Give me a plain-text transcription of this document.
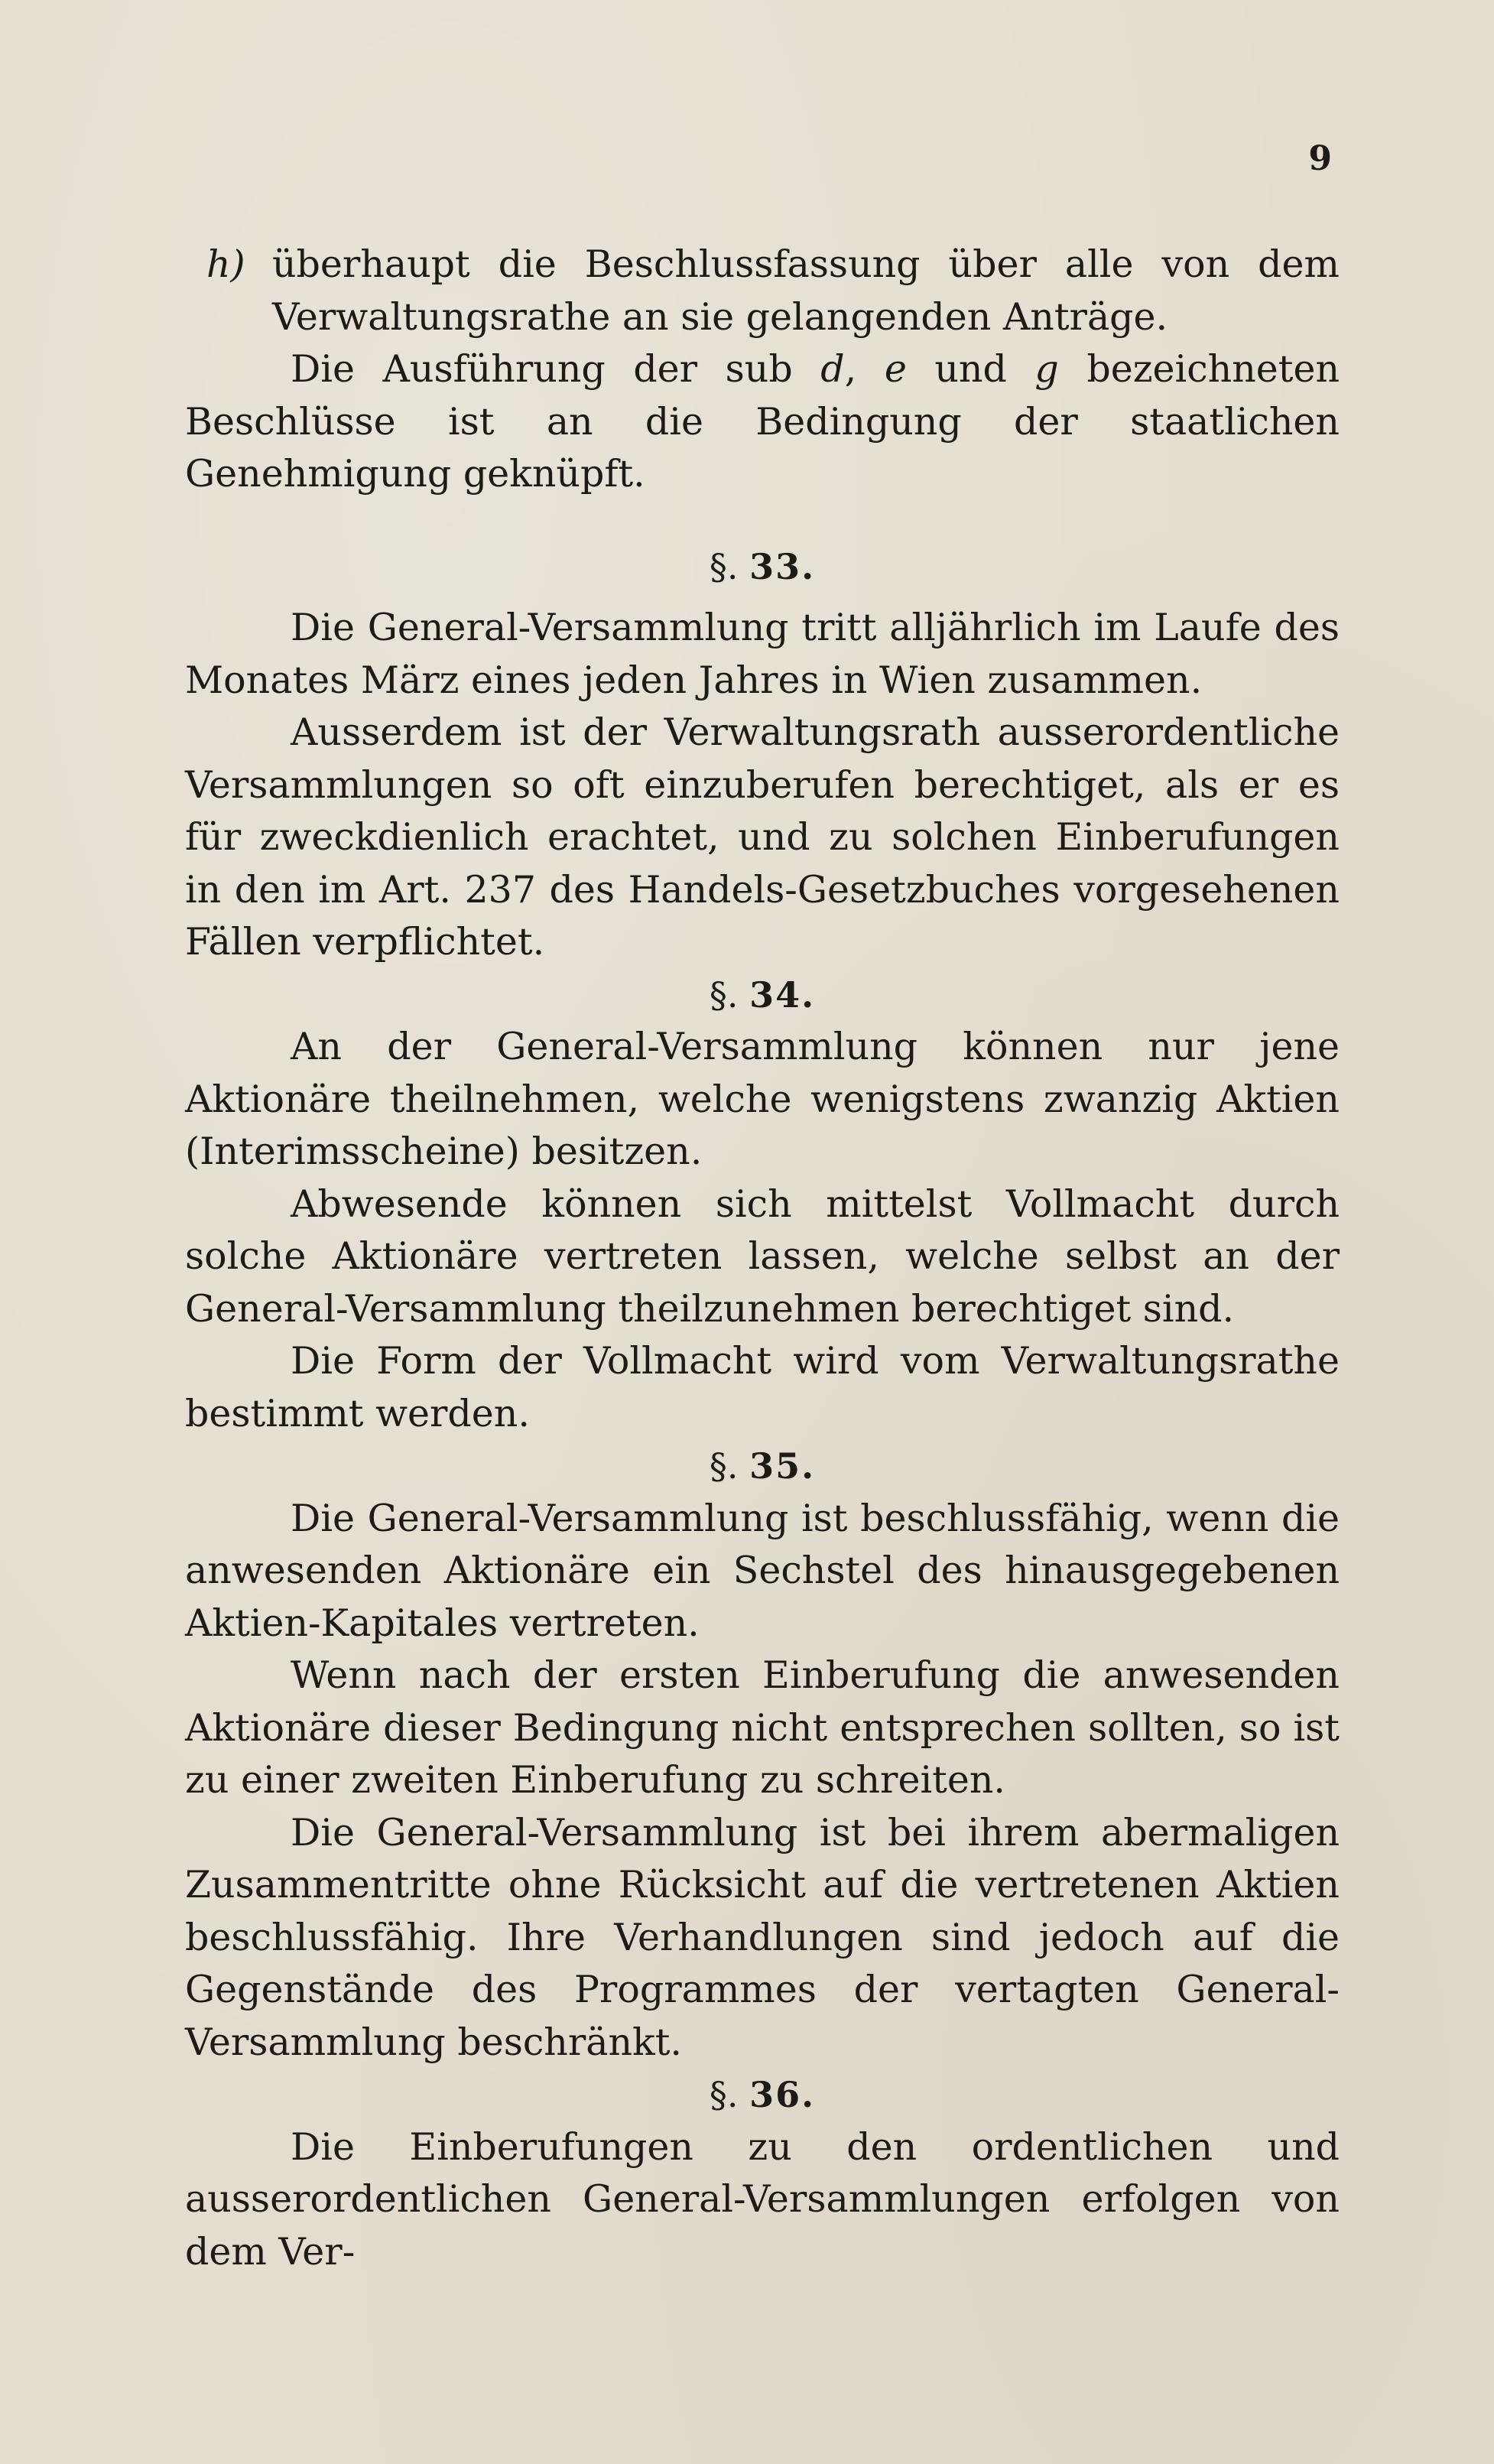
9

h) überhaupt die Beschlussfassung über alle von dem Verwaltungsrathe an sie gelangenden Anträge.

Die Ausführung der sub d, e und g bezeichneten Beschlüsse ist an die Bedingung der staatlichen Genehmigung geknüpft.

§. 33.

Die General-Versammlung tritt alljährlich im Laufe des Monates März eines jeden Jahres in Wien zusammen.

Ausserdem ist der Verwaltungsrath ausserordentliche Versammlungen so oft einzuberufen berechtiget, als er es für zweckdienlich erachtet, und zu solchen Einberufungen in den im Art. 237 des Handels-Gesetzbuches vorgesehenen Fällen verpflichtet.

§. 34.

An der General-Versammlung können nur jene Aktionäre theilnehmen, welche wenigstens zwanzig Aktien (Interimsscheine) besitzen.

Abwesende können sich mittelst Vollmacht durch solche Aktionäre vertreten lassen, welche selbst an der General-Versammlung theilzunehmen berechtiget sind.

Die Form der Vollmacht wird vom Verwaltungsrathe bestimmt werden.

§. 35.

Die General-Versammlung ist beschlussfähig, wenn die anwesenden Aktionäre ein Sechstel des hinausgegebenen Aktien-Kapitales vertreten.

Wenn nach der ersten Einberufung die anwesenden Aktionäre dieser Bedingung nicht entsprechen sollten, so ist zu einer zweiten Einberufung zu schreiten.

Die General-Versammlung ist bei ihrem abermaligen Zusammentritte ohne Rücksicht auf die vertretenen Aktien beschlussfähig. Ihre Verhandlungen sind jedoch auf die Gegenstände des Programmes der vertagten General-Versammlung beschränkt.

§. 36.

Die Einberufungen zu den ordentlichen und ausserordentlichen General-Versammlungen erfolgen von dem Ver-
